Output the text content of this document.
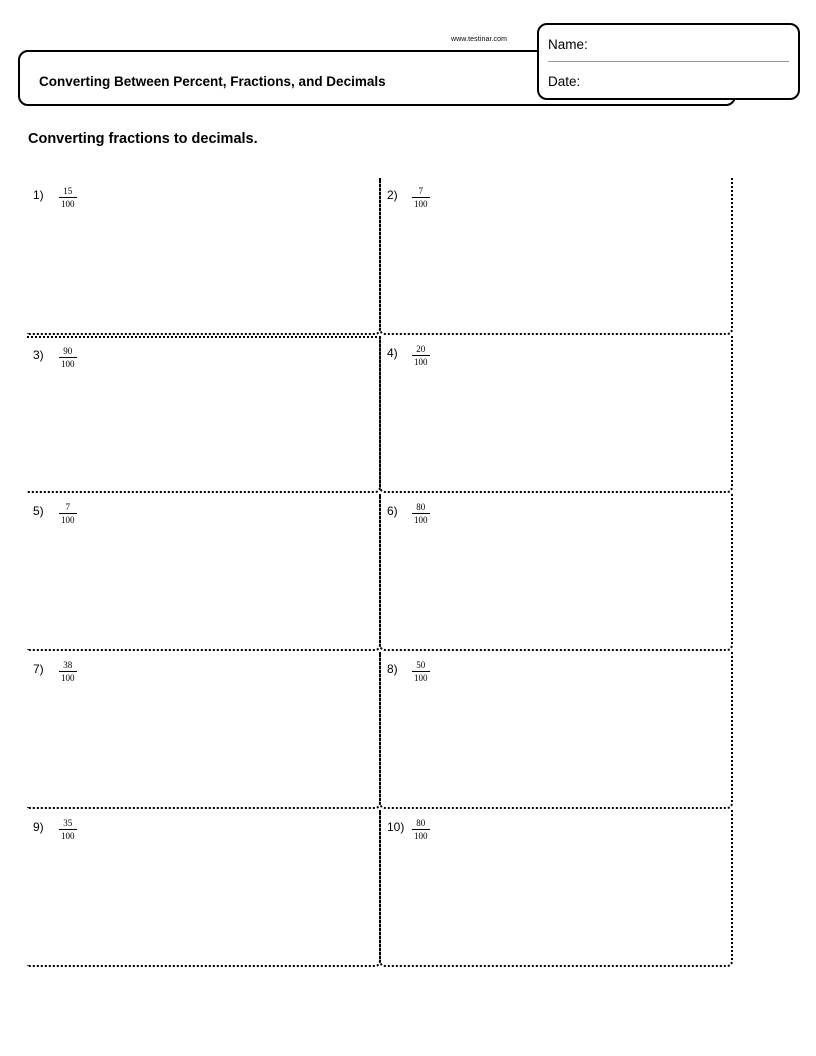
www.testinar.com
Converting Between Percent, Fractions, and Decimals
Name:
Date:
Converting fractions to decimals.
1) 15
100
2) 7
100
3) 90
100
4) 20
100
5) 7
100
6) 80
100
7) 38
100
8) 50
100
9) 35
100
10) 80
100
